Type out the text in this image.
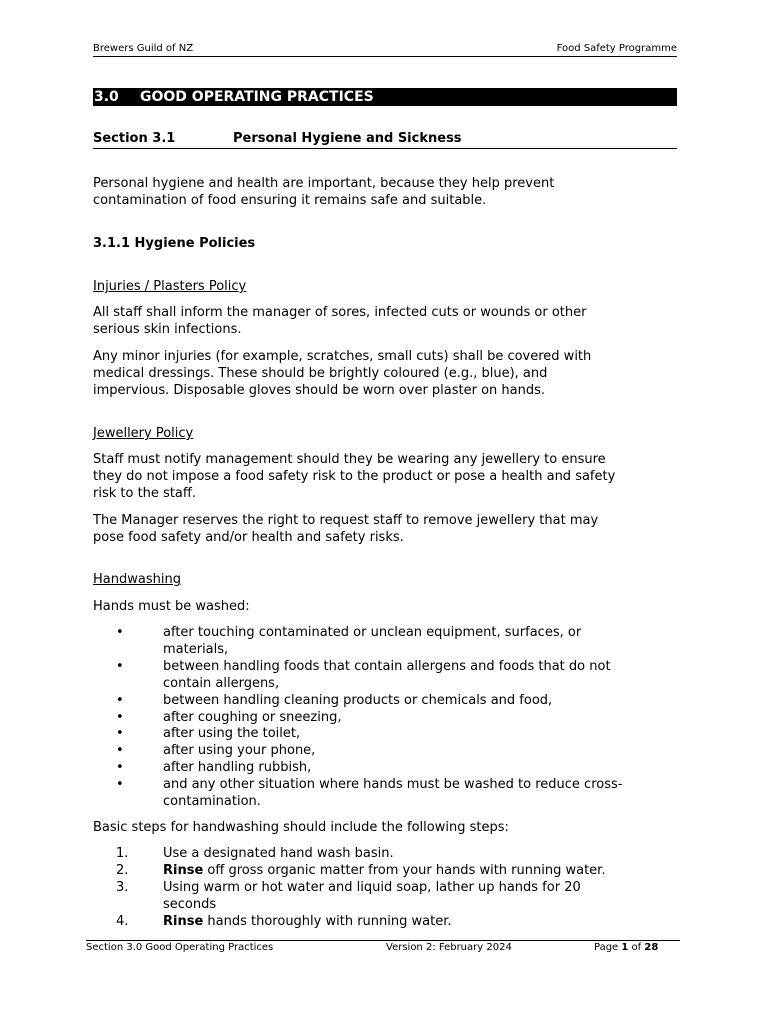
Brewers Guild of NZ	Food Safety Programme
3.0 GOOD OPERATING PRACTICES
Section 3.1	Personal Hygiene and Sickness

Personal hygiene and health are important, because they help prevent
contamination of food ensuring it remains safe and suitable.

3.1.1 Hygiene Policies

Injuries / Plasters Policy

All staff shall inform the manager of sores, infected cuts or wounds or other
serious skin infections.

Any minor injuries (for example, scratches, small cuts) shall be covered with
medical dressings. These should be brightly coloured (e.g., blue), and
impervious. Disposable gloves should be worn over plaster on hands.

Jewellery Policy

Staff must notify management should they be wearing any jewellery to ensure
they do not impose a food safety risk to the product or pose a health and safety
risk to the staff.

The Manager reserves the right to request staff to remove jewellery that may
pose food safety and/or health and safety risks.

Handwashing

Hands must be washed:

•	after touching contaminated or unclean equipment, surfaces, or
materials,
•	between handling foods that contain allergens and foods that do not
contain allergens,
•	between handling cleaning products or chemicals and food,
•	after coughing or sneezing,
•	after using the toilet,
•	after using your phone,
•	after handling rubbish,
•	and any other situation where hands must be washed to reduce cross-
contamination.

Basic steps for handwashing should include the following steps:

1.	Use a designated hand wash basin.
2.	Rinse off gross organic matter from your hands with running water.
3.	Using warm or hot water and liquid soap, lather up hands for 20
seconds
4.	Rinse hands thoroughly with running water.
Section 3.0 Good Operating Practices	Version 2: February 2024	Page 1 of 28
